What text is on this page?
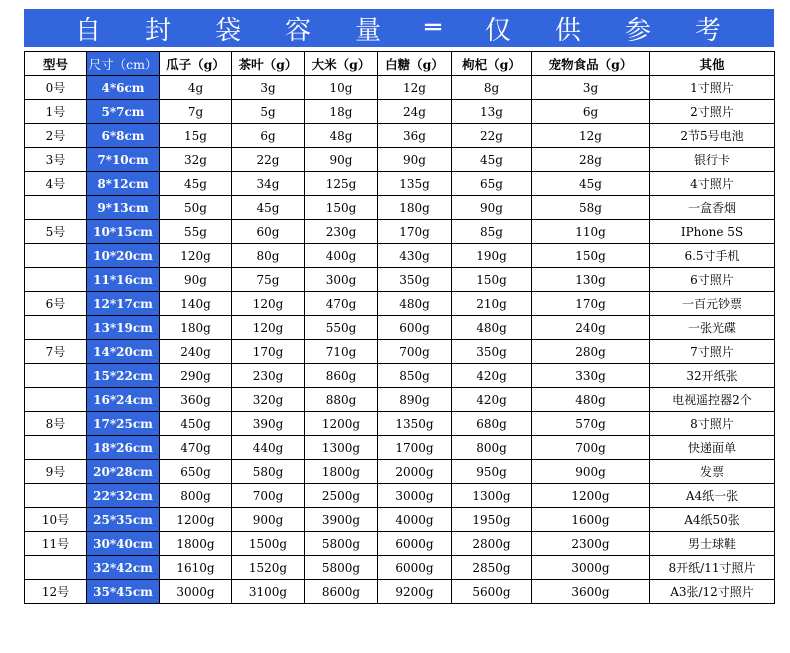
自 封 袋 容 量 ═ 仅 供 参 考
型号	尺寸（cm）	瓜子（g）	茶叶（g）	大米（g）	白糖（g）	枸杞（g）	宠物食品（g）	其他
0号	4*6cm	4g	3g	10g	12g	8g	3g	1寸照片
1号	5*7cm	7g	5g	18g	24g	13g	6g	2寸照片
2号	6*8cm	15g	6g	48g	36g	22g	12g	2节5号电池
3号	7*10cm	32g	22g	90g	90g	45g	28g	银行卡
4号	8*12cm	45g	34g	125g	135g	65g	45g	4寸照片
	9*13cm	50g	45g	150g	180g	90g	58g	一盒香烟
5号	10*15cm	55g	60g	230g	170g	85g	110g	IPhone 5S
	10*20cm	120g	80g	400g	430g	190g	150g	6.5寸手机
	11*16cm	90g	75g	300g	350g	150g	130g	6寸照片
6号	12*17cm	140g	120g	470g	480g	210g	170g	一百元钞票
	13*19cm	180g	120g	550g	600g	480g	240g	一张光碟
7号	14*20cm	240g	170g	710g	700g	350g	280g	7寸照片
	15*22cm	290g	230g	860g	850g	420g	330g	32开纸张
	16*24cm	360g	320g	880g	890g	420g	480g	电视遥控器2个
8号	17*25cm	450g	390g	1200g	1350g	680g	570g	8寸照片
	18*26cm	470g	440g	1300g	1700g	800g	700g	快递面单
9号	20*28cm	650g	580g	1800g	2000g	950g	900g	发票
	22*32cm	800g	700g	2500g	3000g	1300g	1200g	A4纸一张
10号	25*35cm	1200g	900g	3900g	4000g	1950g	1600g	A4纸50张
11号	30*40cm	1800g	1500g	5800g	6000g	2800g	2300g	男士球鞋
	32*42cm	1610g	1520g	5800g	6000g	2850g	3000g	8开纸/11寸照片
12号	35*45cm	3000g	3100g	8600g	9200g	5600g	3600g	A3张/12寸照片
